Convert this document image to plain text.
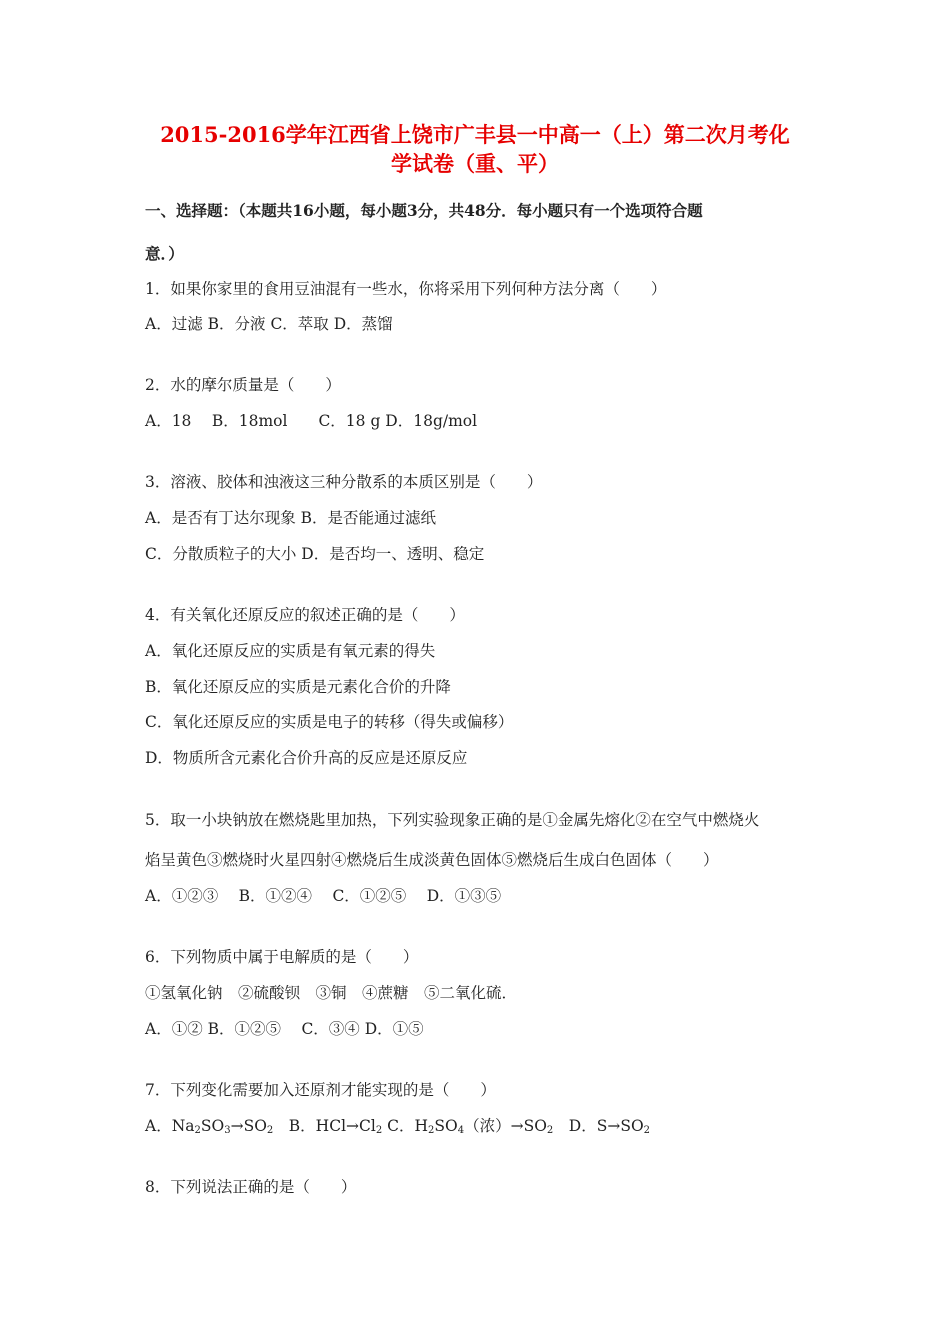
2015-2016学年江西省上饶市广丰县一中高一（上）第二次月考化
学试卷（重、平）
一、选择题：（本题共16小题，每小题3分，共48分．每小题只有一个选项符合题
意．）
1．如果你家里的食用豆油混有一些水，你将采用下列何种方法分离（　　）
A．过滤 B．分液 C．萃取 D．蒸馏
2．水的摩尔质量是（　　）
A．18　 B．18mol　　C．18 g D．18g/mol
3．溶液、胶体和浊液这三种分散系的本质区别是（　　）
A．是否有丁达尔现象 B．是否能通过滤纸
C．分散质粒子的大小 D．是否均一、透明、稳定
4．有关氧化还原反应的叙述正确的是（　　）
A．氧化还原反应的实质是有氧元素的得失
B．氧化还原反应的实质是元素化合价的升降
C．氧化还原反应的实质是电子的转移（得失或偏移）
D．物质所含元素化合价升高的反应是还原反应
5．取一小块钠放在燃烧匙里加热，下列实验现象正确的是①金属先熔化②在空气中燃烧火
焰呈黄色③燃烧时火星四射④燃烧后生成淡黄色固体⑤燃烧后生成白色固体（　　）
A．①②③　 B．①②④　 C．①②⑤　 D．①③⑤
6．下列物质中属于电解质的是（　　）
①氢氧化钠　②硫酸钡　③铜　④蔗糖　⑤二氧化硫．
A．①② B．①②⑤　 C．③④ D．①⑤
7．下列变化需要加入还原剂才能实现的是（　　）
A．$Na_2SO_3\to SO_2$　B．$HCl\to Cl_2$ C．$H_2SO_4$（浓）$\to SO_2$　D．$S\to SO_2$
8．下列说法正确的是（　　）
